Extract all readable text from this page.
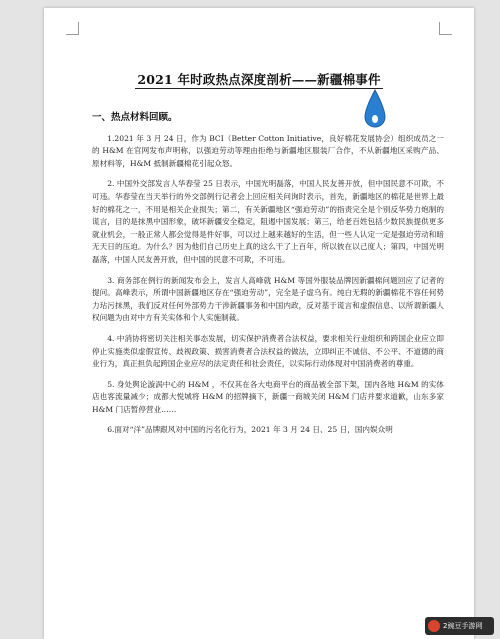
2021 年时政热点深度剖析——新疆棉事件

一、热点材料回顾。

1.2021 年 3 月 24 日，作为 BCI（Better Cotton Initiative，良好棉花发展协会）组织成员之一的 H&M 在官网发布声明称，以强迫劳动等理由拒绝与新疆地区服装厂合作，不从新疆地区采购产品、原材料等，H&M 抵制新疆棉花引起众怒。

2. 中国外交部发言人华春莹 25 日表示，中国光明磊落，中国人民友善开放，但中国民意不可欺，不可违。华春莹在当天举行的外交部例行记者会上回应相关问询时表示，首先，新疆地区的棉花是世界上最好的棉花之一，不用是相关企业损失；第二，有关新疆地区“强迫劳动”的指责完全是个别反华势力炮制的谎言，目的是抹黑中国形象，破坏新疆安全稳定，阻遏中国发展；第三，给老百姓包括少数民族提供更多就业机会，一般正常人都会觉得是件好事，可以过上越来越好的生活，但一些人认定一定是强迫劳动和暗无天日的压迫。为什么？因为他们自己历史上真的这么干了上百年，所以彼在以己度人；第四，中国光明磊落，中国人民友善开放，但中国的民意不可欺，不可违。

3. 商务部在例行的新闻发布会上，发言人高峰就 H&M 等国外服装品牌因新疆棉问题回应了记者的提问。高峰表示，所谓中国新疆地区存在“强迫劳动”，完全是子虚乌有。纯白无瑕的新疆棉花不容任何势力玷污抹黑，我们反对任何外部势力干涉新疆事务和中国内政，反对基于谎言和虚假信息、以所谓新疆人权问题为由对中方有关实体和个人实施制裁。

4. 中消协将密切关注相关事态发展，切实保护消费者合法权益，要求相关行业组织和跨国企业应立即停止实施类似虚假宣传、歧视政策、损害消费者合法权益的做法，立即纠正不诚信、不公平、不道德的商业行为，真正担负起跨国企业应尽的法定责任和社会责任，以实际行动体现对中国消费者的尊重。

5. 身处舆论漩涡中心的 H&M ，不仅其在各大电商平台的商品被全部下架，国内各地 H&M 的实体店也客流量减少；成都大悦城将 H&M 的招牌摘下，新疆一商城关闭 H&M 门店并要求道歉，山东多家 H&M 门店暂停营业……

6.面对“洋”品牌跟风对中国的污名化行为，2021 年 3 月 24 日、25 日，国内娱众明

2豌豆手游网
